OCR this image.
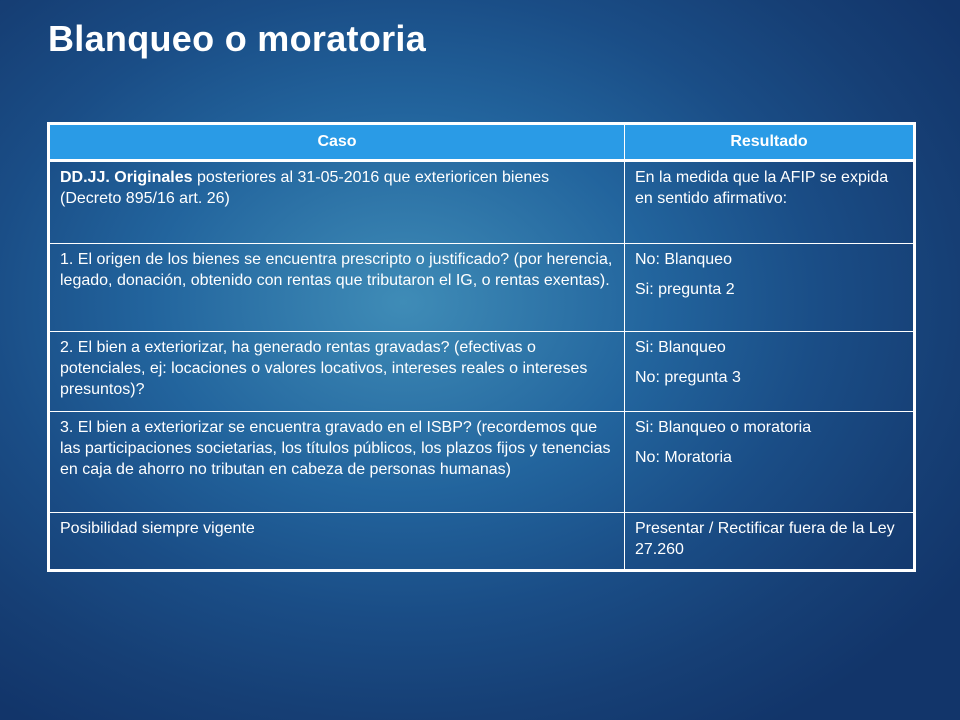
Blanqueo o moratoria
Caso	Resultado
DD.JJ. Originales posteriores al 31-05-2016 que exterioricen bienes (Decreto 895/16 art. 26)	En la medida que la AFIP se expida en sentido afirmativo:

1. El origen de los bienes se encuentra prescripto o justificado? (por herencia, legado, donación, obtenido con rentas que tributaron el IG, o rentas exentas).	No: Blanqueo

Si: pregunta 2

2. El bien a exteriorizar, ha generado rentas gravadas? (efectivas o potenciales, ej: locaciones o valores locativos, intereses reales o intereses presuntos)?	Si: Blanqueo

No: pregunta 3

3. El bien a exteriorizar se encuentra gravado en el ISBP? (recordemos que las participaciones societarias, los títulos públicos, los plazos fijos y tenencias en caja de ahorro no tributan en cabeza de personas humanas)	Si: Blanqueo o moratoria

No: Moratoria

Posibilidad siempre vigente	Presentar / Rectificar fuera de la Ley 27.260
